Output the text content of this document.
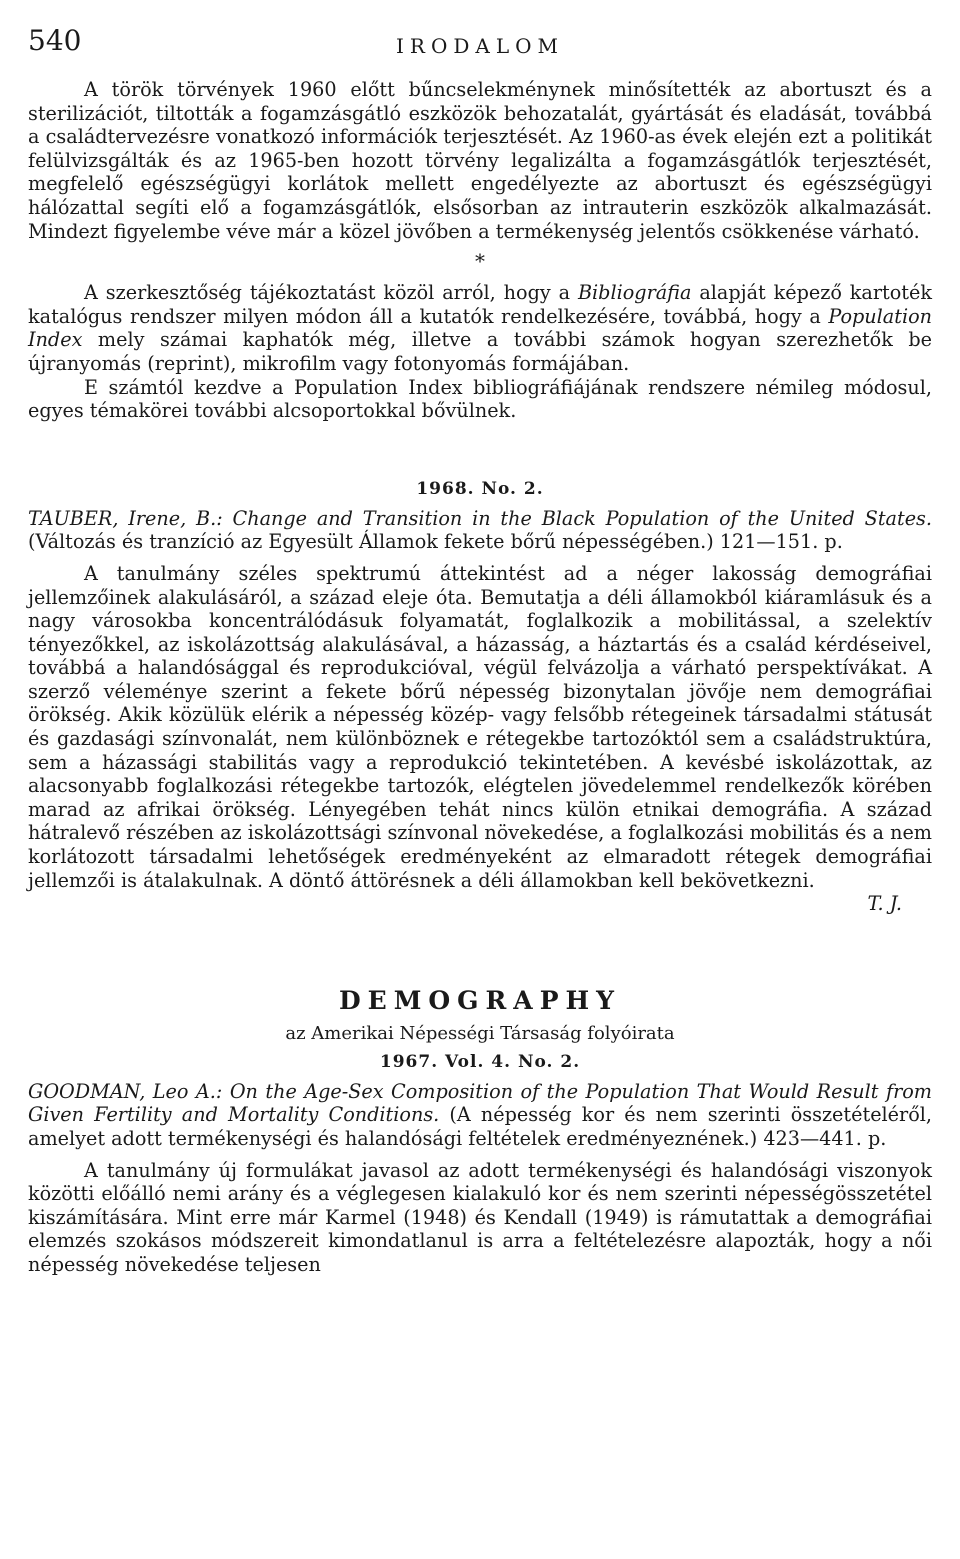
540	IRODALOM

A török törvények 1960 előtt bűncselekménynek minősítették az abortuszt és a sterilizációt, tiltották a fogamzásgátló eszközök behozatalát, gyártását és eladását, továbbá a családtervezésre vonatkozó információk terjesztését. Az 1960-as évek elején ezt a politikát felülvizsgálták és az 1965-ben hozott törvény legalizálta a fogamzásgátlók terjesztését, megfelelő egészségügyi korlátok mellett engedélyezte az abortuszt és egészségügyi hálózattal segíti elő a fogamzásgátlók, elsősorban az intrauterin eszközök alkalmazását. Mindezt figyelembe véve már a közel jövőben a termékenység jelentős csökkenése várható.

*

A szerkesztőség tájékoztatást közöl arról, hogy a Bibliográfia alapját képező kartoték katalógus rendszer milyen módon áll a kutatók rendelkezésére, továbbá, hogy a Population Index mely számai kaphatók még, illetve a további számok hogyan szerezhetők be újranyomás (reprint), mikrofilm vagy fotonyomás formájában.

E számtól kezdve a Population Index bibliográfiájának rendszere némileg módosul, egyes témakörei további alcsoportokkal bővülnek.

1968. No. 2.

TAUBER, Irene, B.: Change and Transition in the Black Population of the United States. (Változás és tranzíció az Egyesült Államok fekete bőrű népességében.) 121—151. p.

A tanulmány széles spektrumú áttekintést ad a néger lakosság demográfiai jellemzőinek alakulásáról, a század eleje óta. Bemutatja a déli államokból kiáramlásuk és a nagy városokba koncentrálódásuk folyamatát, foglalkozik a mobilitással, a szelektív tényezőkkel, az iskolázottság alakulásával, a házasság, a háztartás és a család kérdéseivel, továbbá a halandósággal és reprodukcióval, végül felvázolja a várható perspektívákat. A szerző véleménye szerint a fekete bőrű népesség bizonytalan jövője nem demográfiai örökség. Akik közülük elérik a népesség közép- vagy felsőbb rétegeinek társadalmi státusát és gazdasági színvonalát, nem különböznek e rétegekbe tartozóktól sem a családstruktúra, sem a házassági stabilitás vagy a reprodukció tekintetében. A kevésbé iskolázottak, az alacsonyabb foglalkozási rétegekbe tartozók, elégtelen jövedelemmel rendelkezők körében marad az afrikai örökség. Lényegében tehát nincs külön etnikai demográfia. A század hátralevő részében az iskolázottsági színvonal növekedése, a foglalkozási mobilitás és a nem korlátozott társadalmi lehetőségek eredményeként az elmaradott rétegek demográfiai jellemzői is átalakulnak. A döntő áttörésnek a déli államokban kell bekövetkezni.

T. J.

DEMOGRAPHY
az Amerikai Népességi Társaság folyóirata
1967. Vol. 4. No. 2.

GOODMAN, Leo A.: On the Age-Sex Composition of the Population That Would Result from Given Fertility and Mortality Conditions. (A népesség kor és nem szerinti összetételéről, amelyet adott termékenységi és halandósági feltételek eredményeznének.) 423—441. p.

A tanulmány új formulákat javasol az adott termékenységi és halandósági viszonyok közötti előálló nemi arány és a véglegesen kialakuló kor és nem szerinti népességösszetétel kiszámítására. Mint erre már Karmel (1948) és Kendall (1949) is rámutattak a demográfiai elemzés szokásos módszereit kimondatlanul is arra a feltételezésre alapozták, hogy a női népesség növekedése teljesen
